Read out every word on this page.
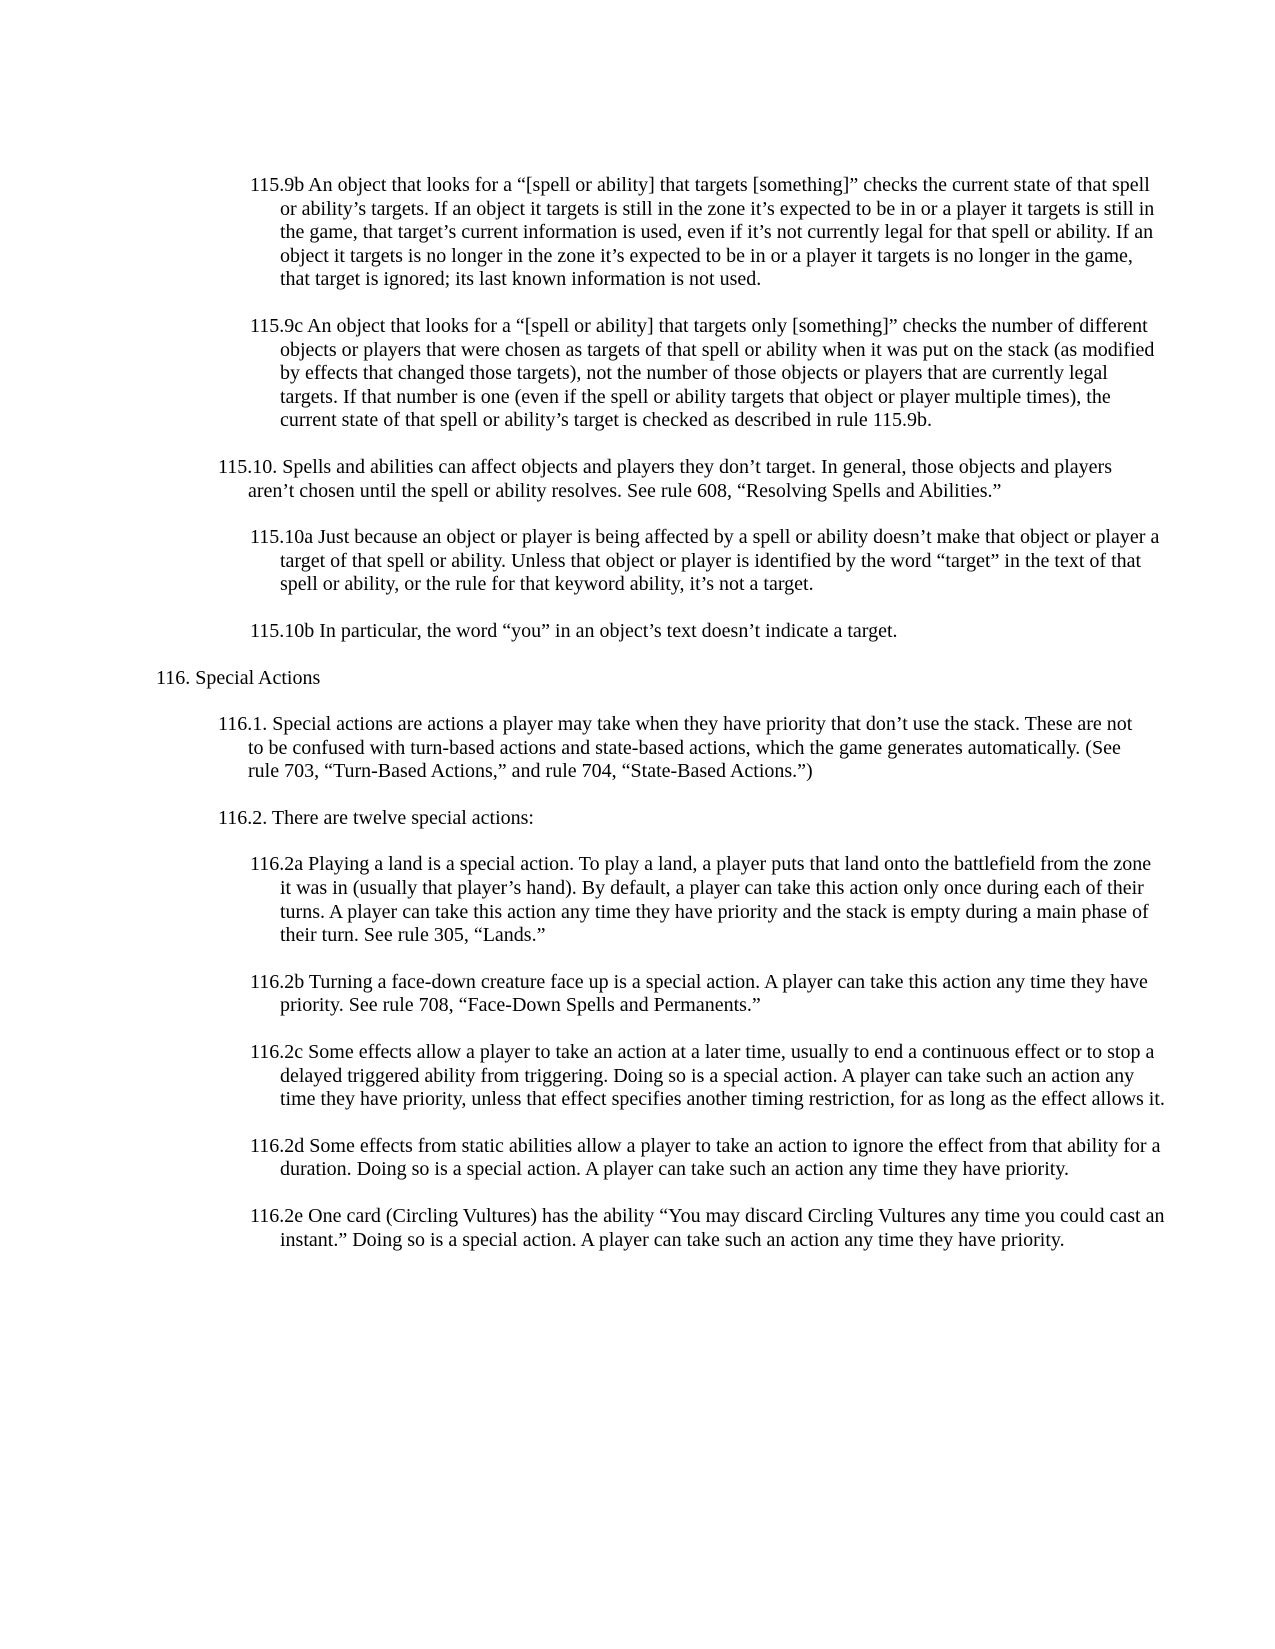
115.9b An object that looks for a “[spell or ability] that targets [something]” checks the current state of that spell or ability’s targets. If an object it targets is still in the zone it’s expected to be in or a player it targets is still in the game, that target’s current information is used, even if it’s not currently legal for that spell or ability. If an object it targets is no longer in the zone it’s expected to be in or a player it targets is no longer in the game, that target is ignored; its last known information is not used.

115.9c An object that looks for a “[spell or ability] that targets only [something]” checks the number of different objects or players that were chosen as targets of that spell or ability when it was put on the stack (as modified by effects that changed those targets), not the number of those objects or players that are currently legal targets. If that number is one (even if the spell or ability targets that object or player multiple times), the current state of that spell or ability’s target is checked as described in rule 115.9b.

115.10. Spells and abilities can affect objects and players they don’t target. In general, those objects and players aren’t chosen until the spell or ability resolves. See rule 608, “Resolving Spells and Abilities.”

115.10a Just because an object or player is being affected by a spell or ability doesn’t make that object or player a target of that spell or ability. Unless that object or player is identified by the word “target” in the text of that spell or ability, or the rule for that keyword ability, it’s not a target.

115.10b In particular, the word “you” in an object’s text doesn’t indicate a target.

116. Special Actions

116.1. Special actions are actions a player may take when they have priority that don’t use the stack. These are not to be confused with turn-based actions and state-based actions, which the game generates automatically. (See rule 703, “Turn-Based Actions,” and rule 704, “State-Based Actions.”)

116.2. There are twelve special actions:

116.2a Playing a land is a special action. To play a land, a player puts that land onto the battlefield from the zone it was in (usually that player’s hand). By default, a player can take this action only once during each of their turns. A player can take this action any time they have priority and the stack is empty during a main phase of their turn. See rule 305, “Lands.”

116.2b Turning a face-down creature face up is a special action. A player can take this action any time they have priority. See rule 708, “Face-Down Spells and Permanents.”

116.2c Some effects allow a player to take an action at a later time, usually to end a continuous effect or to stop a delayed triggered ability from triggering. Doing so is a special action. A player can take such an action any time they have priority, unless that effect specifies another timing restriction, for as long as the effect allows it.

116.2d Some effects from static abilities allow a player to take an action to ignore the effect from that ability for a duration. Doing so is a special action. A player can take such an action any time they have priority.

116.2e One card (Circling Vultures) has the ability “You may discard Circling Vultures any time you could cast an instant.” Doing so is a special action. A player can take such an action any time they have priority.
